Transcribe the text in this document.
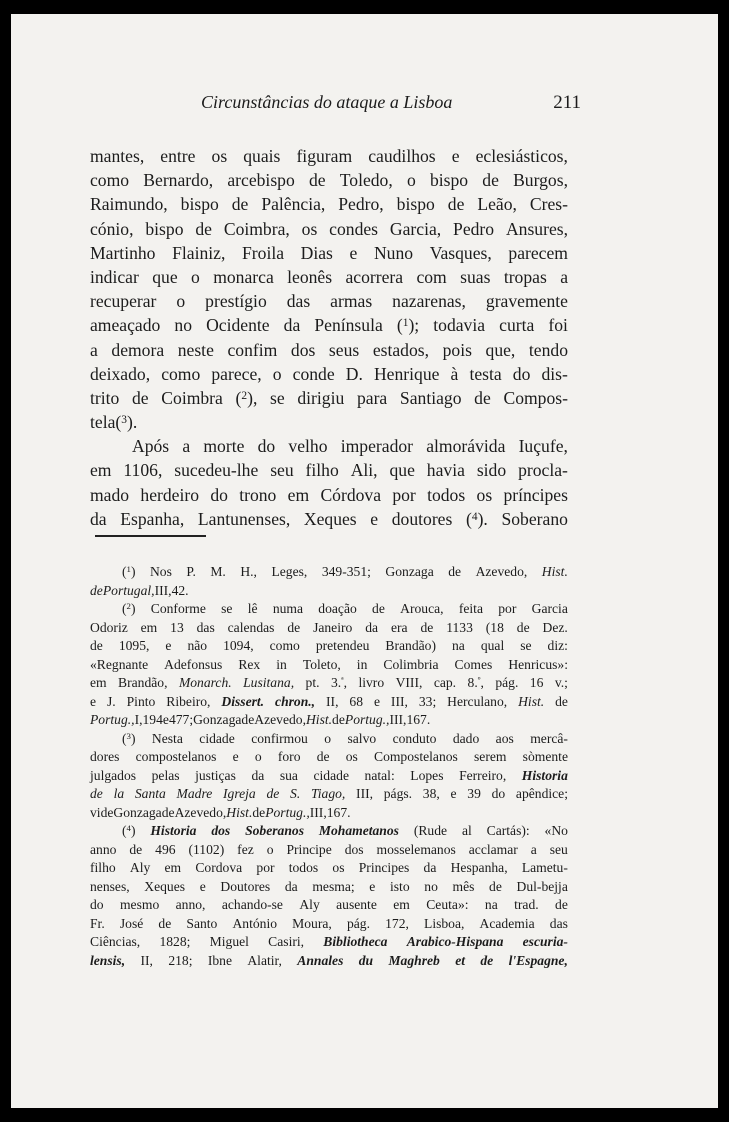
Circunstâncias do ataque a Lisboa	211
mantes, entre os quais figuram caudilhos e eclesiásticos,
como Bernardo, arcebispo de Toledo, o bispo de Burgos,
Raimundo, bispo de Palência, Pedro, bispo de Leão, Cres-
cónio, bispo de Coimbra, os condes Garcia, Pedro Ansures,
Martinho Flainiz, Froila Dias e Nuno Vasques, parecem
indicar que o monarca leonês acorrera com suas tropas a
recuperar o prestígio das armas nazarenas, gravemente
ameaçado no Ocidente da Península ($^1$); todavia curta foi
a demora neste confim dos seus estados, pois que, tendo
deixado, como parece, o conde D. Henrique à testa do dis-
trito de Coimbra ($^2$), se dirigiu para Santiago de Compos-
tela ($^3$).
Após a morte do velho imperador almorávida Iuçufe,
em 1106, sucedeu-lhe seu filho Ali, que havia sido procla-
mado herdeiro do trono em Córdova por todos os príncipes
da Espanha, Lantunenses, Xeques e doutores ($^4$). Soberano
($^1$) Nos P. M. H., Leges, 349-351; Gonzaga de Azevedo, Hist.
de Portugal, III, 42.
($^2$) Conforme se lê numa doação de Arouca, feita por Garcia
Odoriz em 13 das calendas de Janeiro da era de 1133 (18 de Dez.
de 1095, e não 1094, como pretendeu Brandão) na qual se diz:
«Regnante Adefonsus Rex in Toleto, in Colimbria Comes Henricus»:
em Brandão, Monarch. Lusitana, pt. 3.$^ª$, livro VIII, cap. 8.$^º$, pág. 16 v.;
e J. Pinto Ribeiro, Dissert. chron., II, 68 e III, 33; Herculano, Hist. de
Portug., I, 194 e 477; Gonzaga de Azevedo, Hist. de Portug., III, 167.
($^3$) Nesta cidade confirmou o salvo conduto dado aos mercâ-
dores compostelanos e o foro de os Compostelanos serem sòmente
julgados pelas justiças da sua cidade natal: Lopes Ferreiro, Historia
de la Santa Madre Igreja de S. Tiago, III, págs. 38, e 39 do apêndice;
vide Gonzaga de Azevedo, Hist. de Portug., III, 167.
($^4$) Historia dos Soberanos Mohametanos (Rude al Cartás): «No
anno de 496 (1102) fez o Principe dos mosselemanos acclamar a seu
filho Aly em Cordova por todos os Principes da Hespanha, Lametu-
nenses, Xeques e Doutores da mesma; e isto no mês de Dul-bejja
do mesmo anno, achando-se Aly ausente em Ceuta»: na trad. de
Fr. José de Santo António Moura, pág. 172, Lisboa, Academia das
Ciências, 1828; Miguel Casiri, Bibliotheca Arabico-Hispana escuria-
lensis, II, 218; Ibne Alatir, Annales du Maghreb et de l'Espagne,
